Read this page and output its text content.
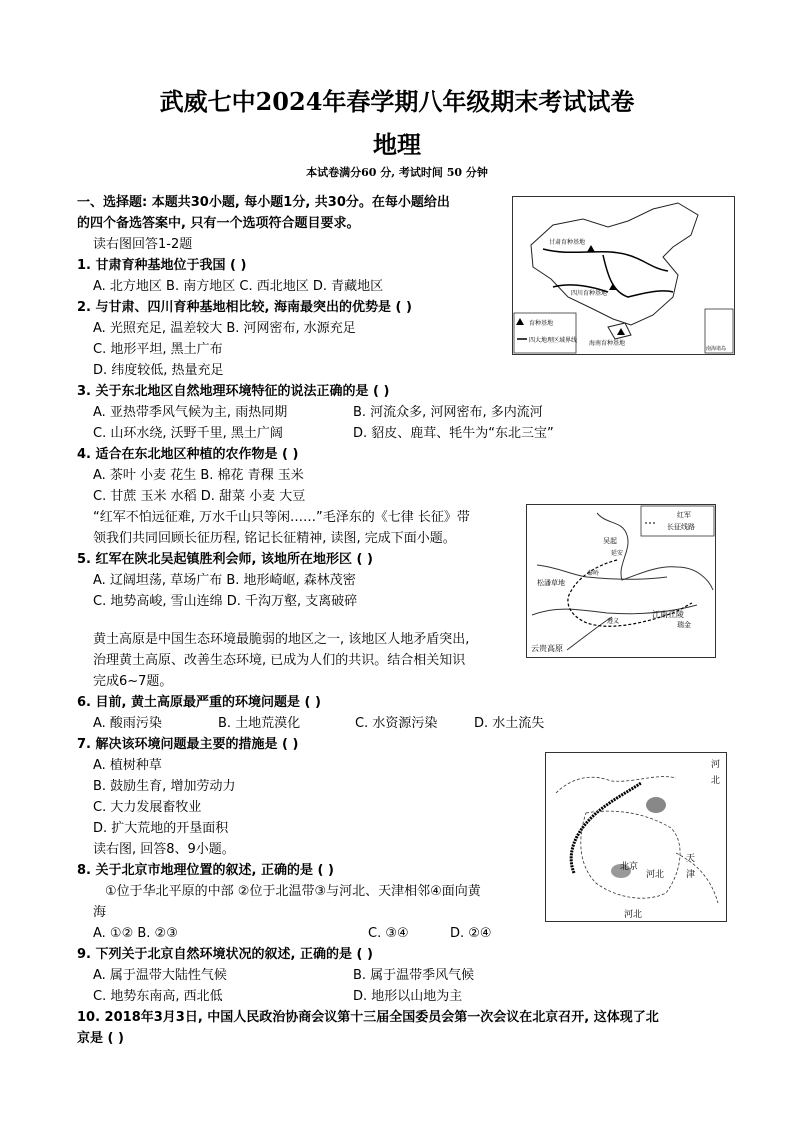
武威七中2024年春学期八年级期末考试试卷
地理
本试卷满分60 分, 考试时间 50 分钟
一、选择题: 本题共30小题, 每小题1分, 共30分。在每小题给出
的四个备选答案中, 只有一个选项符合题目要求。
读右图回答1-2题
1. 甘肃育种基地位于我国 ( )
A. 北方地区 B. 南方地区 C. 西北地区 D. 青藏地区
2. 与甘肃、四川育种基地相比较, 海南最突出的优势是 ( )
A. 光照充足, 温差较大 B. 河网密布, 水源充足
C. 地形平坦, 黑土广布
D. 纬度较低, 热量充足
3. 关于东北地区自然地理环境特征的说法正确的是 ( )
A. 亚热带季风气候为主, 雨热同期	B. 河流众多, 河网密布, 多内流河
C. 山环水绕, 沃野千里, 黑土广阔	D. 貂皮、鹿茸、牦牛为“东北三宝”
4. 适合在东北地区种植的农作物是 ( )
A. 茶叶 小麦 花生 B. 棉花 青稞 玉米
C. 甘蔗 玉米 水稻 D. 甜菜 小麦 大豆
“红军不怕远征难, 万水千山只等闲……”毛泽东的《七律 长征》带
领我们共同回顾长征历程, 铭记长征精神, 读图, 完成下面小题。
5. 红军在陕北吴起镇胜利会师, 该地所在地形区 ( )
A. 辽阔坦荡, 草场广布 B. 地形崎岖, 森林茂密
C. 地势高峻, 雪山连绵 D. 千沟万壑, 支离破碎
黄土高原是中国生态环境最脆弱的地区之一, 该地区人地矛盾突出,
治理黄土高原、改善生态环境, 已成为人们的共识。结合相关知识
完成6~7题。
6. 目前, 黄土高原最严重的环境问题是 ( )
A. 酸雨污染	B. 土地荒漠化	C. 水资源污染	D. 水土流失
7. 解决该环境问题最主要的措施是 ( )
A. 植树种草
B. 鼓励生育, 增加劳动力
C. 大力发展畜牧业
D. 扩大荒地的开垦面积
读右图, 回答8、9小题。
8. 关于北京市地理位置的叙述, 正确的是 ( )
①位于华北平原的中部 ②位于北温带③与河北、天津相邻④面向黄
海
A. ①② B. ②③	C. ③④	D. ②④
9. 下列关于北京自然环境状况的叙述, 正确的是 ( )
A. 属于温带大陆性气候	B. 属于温带季风气候
C. 地势东南高, 西北低	D. 地形以山地为主
10. 2018年3月3日, 中国人民政治协商会议第十三届全国委员会第一次会议在北京召开, 这体现了北
京是 ( )
甘肃育种基地
四川育种基地
海南育种基地
育种基地
四大地理区域界线
南海诸岛
红军
长征线路
吴起
延安
秦岭
松潘草地
遵义
江南丘陵
瑞金
云贵高原
河
北
北京
天
津
河北
河北
